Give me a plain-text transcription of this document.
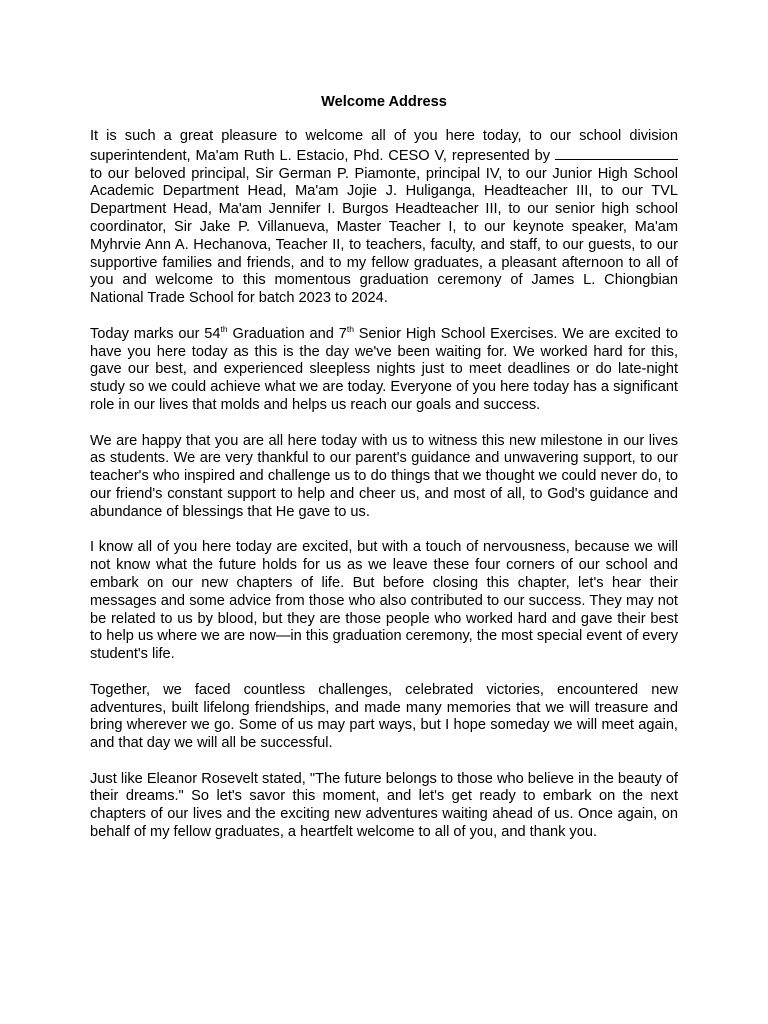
Welcome Address

It is such a great pleasure to welcome all of you here today, to our school division superintendent, Ma'am Ruth L. Estacio, Phd. CESO V, represented by to our beloved principal, Sir German P. Piamonte, principal IV, to our Junior High School Academic Department Head, Ma'am Jojie J. Huliganga, Headteacher III, to our TVL Department Head, Ma'am Jennifer I. Burgos Headteacher III, to our senior high school coordinator, Sir Jake P. Villanueva, Master Teacher I, to our keynote speaker, Ma'am Myhrvie Ann A. Hechanova, Teacher II, to teachers, faculty, and staff, to our guests, to our supportive families and friends, and to my fellow graduates, a pleasant afternoon to all of you and welcome to this momentous graduation ceremony of James L. Chiongbian National Trade School for batch 2023 to 2024.

Today marks our 54th Graduation and 7th Senior High School Exercises. We are excited to have you here today as this is the day we've been waiting for. We worked hard for this, gave our best, and experienced sleepless nights just to meet deadlines or do late-night study so we could achieve what we are today. Everyone of you here today has a significant role in our lives that molds and helps us reach our goals and success.

We are happy that you are all here today with us to witness this new milestone in our lives as students. We are very thankful to our parent's guidance and unwavering support, to our teacher's who inspired and challenge us to do things that we thought we could never do, to our friend's constant support to help and cheer us, and most of all, to God's guidance and abundance of blessings that He gave to us.

I know all of you here today are excited, but with a touch of nervousness, because we will not know what the future holds for us as we leave these four corners of our school and embark on our new chapters of life. But before closing this chapter, let's hear their messages and some advice from those who also contributed to our success. They may not be related to us by blood, but they are those people who worked hard and gave their best to help us where we are now—in this graduation ceremony, the most special event of every student's life.

Together, we faced countless challenges, celebrated victories, encountered new adventures, built lifelong friendships, and made many memories that we will treasure and bring wherever we go. Some of us may part ways, but I hope someday we will meet again, and that day we will all be successful.

Just like Eleanor Rosevelt stated, "The future belongs to those who believe in the beauty of their dreams." So let's savor this moment, and let's get ready to embark on the next chapters of our lives and the exciting new adventures waiting ahead of us. Once again, on behalf of my fellow graduates, a heartfelt welcome to all of you, and thank you.
